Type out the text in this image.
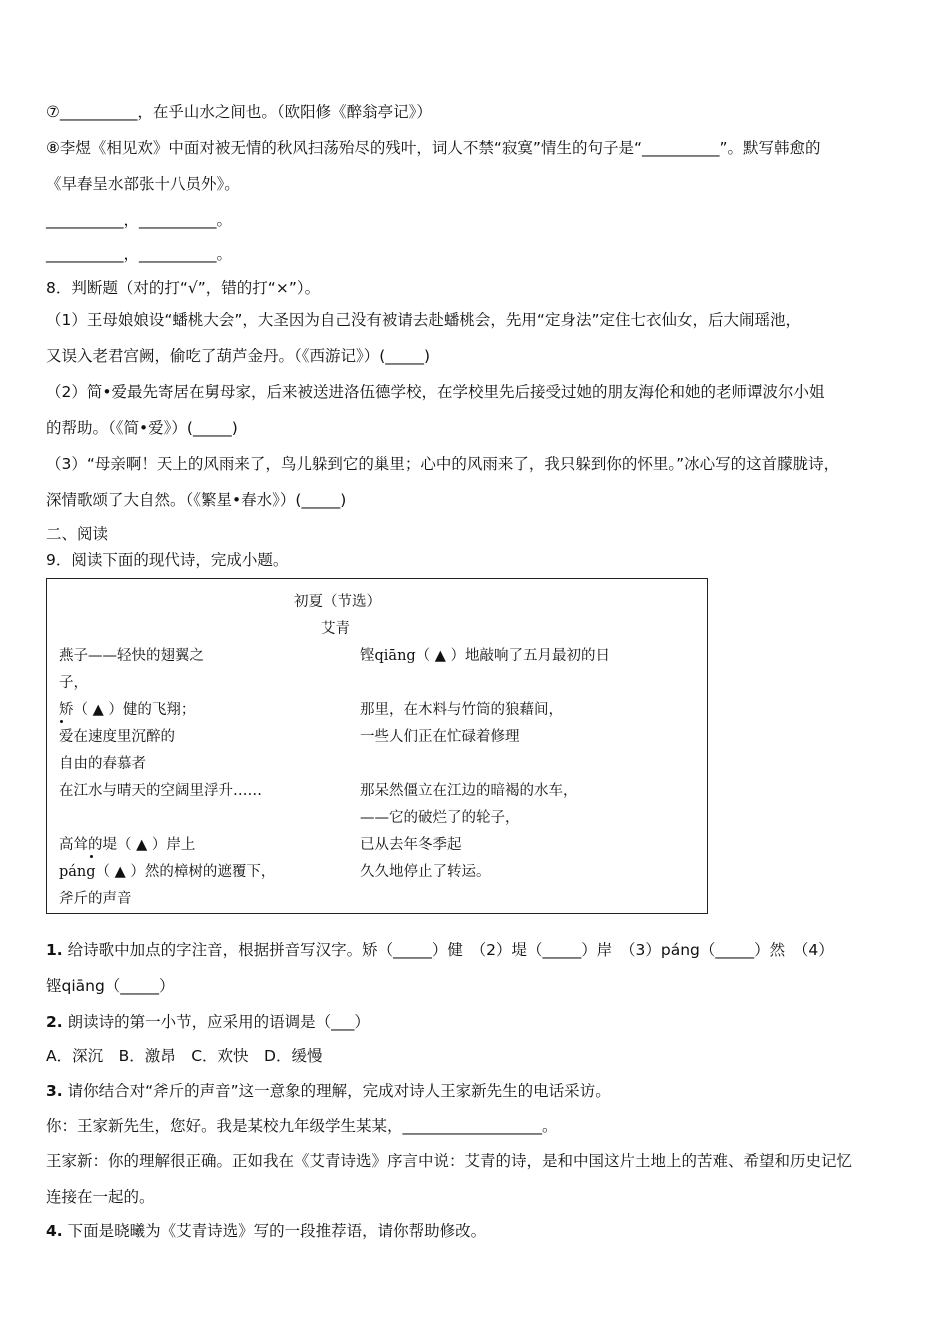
⑦__________，在乎山水之间也。（欧阳修《醉翁亭记》）
⑧李煜《相见欢》中面对被无情的秋风扫荡殆尽的残叶，词人不禁“寂寞”情生的句子是“__________”。默写韩愈的
《早春呈水部张十八员外》。
__________，__________。
__________，__________。
8．判断题（对的打“√”，错的打“×”）。
（1）王母娘娘设“蟠桃大会”，大圣因为自己没有被请去赴蟠桃会，先用“定身法”定住七衣仙女，后大闹瑶池，
又误入老君宫阙，偷吃了葫芦金丹。（《西游记》）(_____)
（2）简•爱最先寄居在舅母家，后来被送进洛伍德学校，在学校里先后接受过她的朋友海伦和她的老师谭波尔小姐
的帮助。（《简•爱》）(_____)
（3）“母亲啊！天上的风雨来了，鸟儿躲到它的巢里；心中的风雨来了，我只躲到你的怀里。”冰心写的这首朦胧诗，
深情歌颂了大自然。（《繁星•春水》）(_____)
二、阅读
9．阅读下面的现代诗，完成小题。
初夏（节选）
艾青
燕子——轻快的翅翼之
子，
矫（ ▲ ）健的飞翔；
爱在速度里沉醉的
自由的春慕者
在江水与晴天的空阔里浮升……
高耸的堤（ ▲ ）岸上
páng（ ▲ ）然的樟树的遮覆下，
斧斤的声音
铿qiāng（ ▲ ）地敲响了五月最初的日
那里，在木料与竹筒的狼藉间，
一些人们正在忙碌着修理
那呆然僵立在江边的暗褐的水车，
——它的破烂了的轮子，
已从去年冬季起
久久地停止了转运。
1. 给诗歌中加点的字注音，根据拼音写汉字。矫（_____）健　（2）堤（_____）岸　（3）páng（_____）然　（4）
铿qiāng（_____）
2. 朗读诗的第一小节，应采用的语调是（___）
A．深沉　B．激昂　C．欢快　D．缓慢
3. 请你结合对“斧斤的声音”这一意象的理解，完成对诗人王家新先生的电话采访。
你：王家新先生，您好。我是某校九年级学生某某，__________________。
王家新：你的理解很正确。正如我在《艾青诗选》序言中说：艾青的诗，是和中国这片土地上的苦难、希望和历史记忆
连接在一起的。
4. 下面是晓曦为《艾青诗选》写的一段推荐语，请你帮助修改。
